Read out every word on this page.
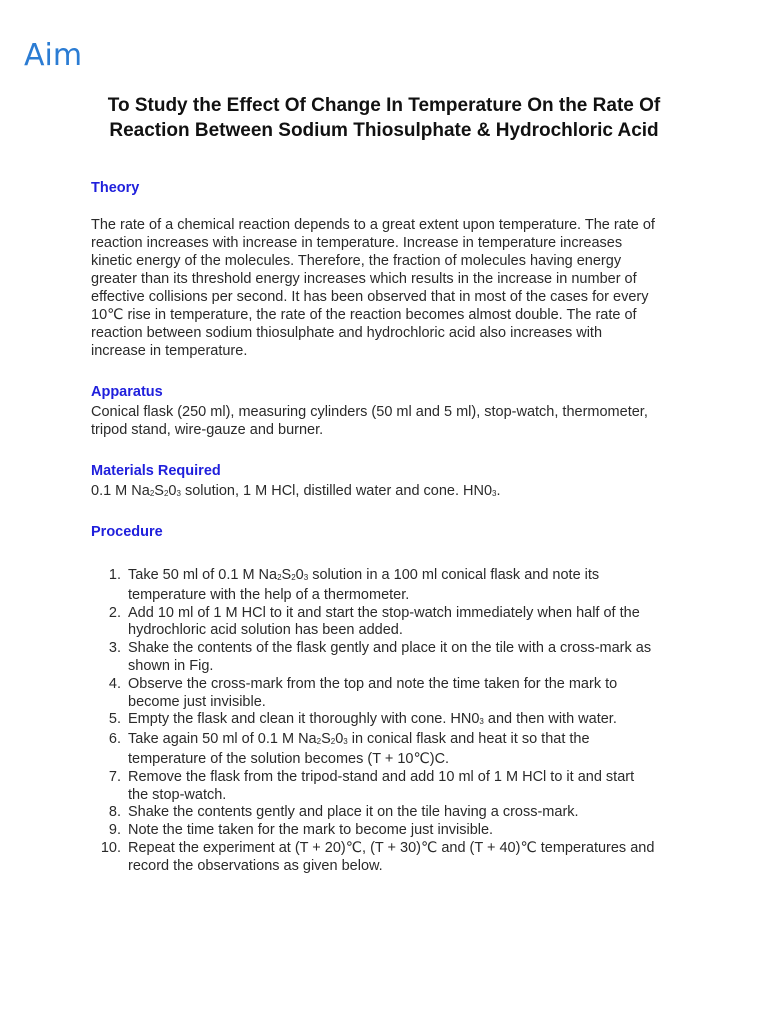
Aim
To Study the Effect Of Change In Temperature On the Rate Of
Reaction Between Sodium Thiosulphate & Hydrochloric Acid
Theory
The rate of a chemical reaction depends to a great extent upon temperature. The rate of
reaction increases with increase in temperature. Increase in temperature increases
kinetic energy of the molecules. Therefore, the fraction of molecules having energy
greater than its threshold energy increases which results in the increase in number of
effective collisions per second. It has been observed that in most of the cases for every
10℃ rise in temperature, the rate of the reaction becomes almost double. The rate of
reaction between sodium thiosulphate and hydrochloric acid also increases with
increase in temperature.
Apparatus
Conical flask (250 ml), measuring cylinders (50 ml and 5 ml), stop-watch, thermometer,
tripod stand, wire-gauze and burner.
Materials Required
0.1 M $Na_2S_20_3$ solution, 1 M HCl, distilled water and cone. $HN0_3$.
Procedure
1. Take 50 ml of 0.1 M $Na_2S_20_3$ solution in a 100 ml conical flask and note its
temperature with the help of a thermometer.
2. Add 10 ml of 1 M HCl to it and start the stop-watch immediately when half of the
hydrochloric acid solution has been added.
3. Shake the contents of the flask gently and place it on the tile with a cross-mark as
shown in Fig.
4. Observe the cross-mark from the top and note the time taken for the mark to
become just invisible.
5. Empty the flask and clean it thoroughly with cone. $HN0_3$ and then with water.
6. Take again 50 ml of 0.1 M $Na_2S_20_3$ in conical flask and heat it so that the
temperature of the solution becomes (T + 10℃)C.
7. Remove the flask from the tripod-stand and add 10 ml of 1 M HCl to it and start
the stop-watch.
8. Shake the contents gently and place it on the tile having a cross-mark.
9. Note the time taken for the mark to become just invisible.
10. Repeat the experiment at (T + 20)℃, (T + 30)℃ and (T + 40)℃ temperatures and
record the observations as given below.
